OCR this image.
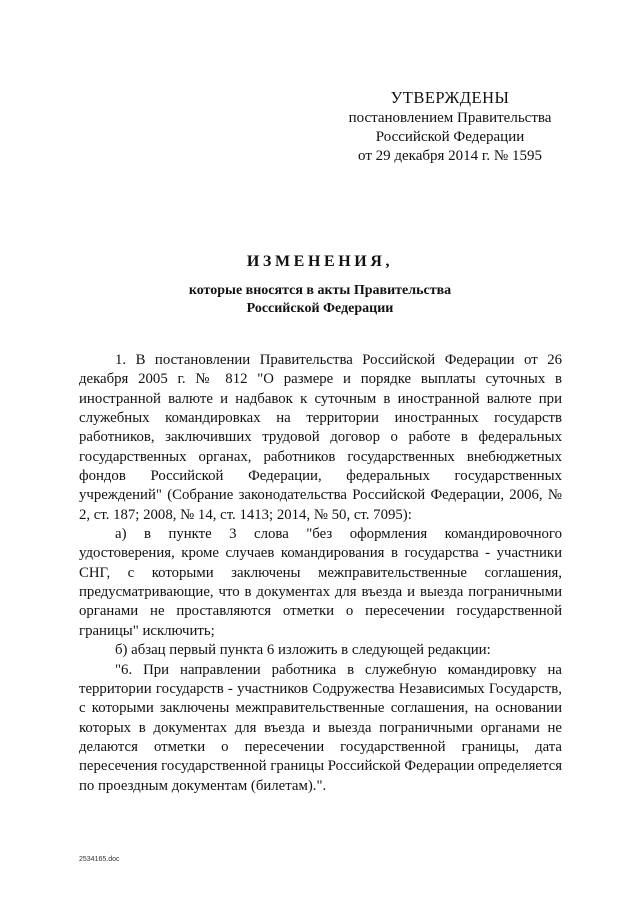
УТВЕРЖДЕНЫ
постановлением Правительства
Российской Федерации
от 29 декабря 2014 г. № 1595
ИЗМЕНЕНИЯ,
которые вносятся в акты Правительства
Российской Федерации

1. В постановлении Правительства Российской Федерации от 26 декабря 2005 г. № 812 "О размере и порядке выплаты суточных в иностранной валюте и надбавок к суточным в иностранной валюте при служебных командировках на территории иностранных государств работников, заключивших трудовой договор о работе в федеральных государственных органах, работников государственных внебюджетных фондов Российской Федерации, федеральных государственных учреждений" (Собрание законодательства Российской Федерации, 2006, № 2, ст. 187; 2008, № 14, ст. 1413; 2014, № 50, ст. 7095):

а) в пункте 3 слова "без оформления командировочного удостоверения, кроме случаев командирования в государства - участники СНГ, с которыми заключены межправительственные соглашения, предусматривающие, что в документах для въезда и выезда пограничными органами не проставляются отметки о пересечении государственной границы" исключить;

б) абзац первый пункта 6 изложить в следующей редакции:

"6. При направлении работника в служебную командировку на территории государств - участников Содружества Независимых Государств, с которыми заключены межправительственные соглашения, на основании которых в документах для въезда и выезда пограничными органами не делаются отметки о пересечении государственной границы, дата пересечения государственной границы Российской Федерации определяется по проездным документам (билетам).".

2534165.doc
